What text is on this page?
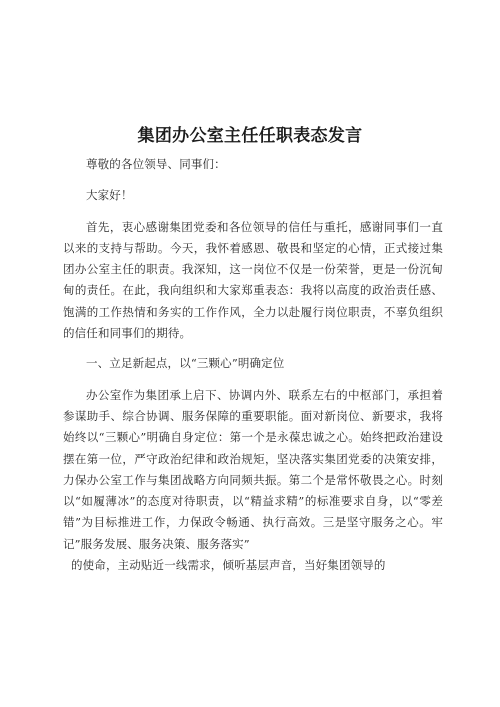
集团办公室主任任职表态发言

尊敬的各位领导、同事们：

大家好！

首先，衷心感谢集团党委和各位领导的信任与重托，感谢同事们一直以来的支持与帮助。今天，我怀着感恩、敬畏和坚定的心情，正式接过集团办公室主任的职责。我深知，这一岗位不仅是一份荣誉，更是一份沉甸甸的责任。在此，我向组织和大家郑重表态：我将以高度的政治责任感、饱满的工作热情和务实的工作作风，全力以赴履行岗位职责，不辜负组织的信任和同事们的期待。

一、立足新起点，以“三颗心”明确定位

办公室作为集团承上启下、协调内外、联系左右的中枢部门，承担着参谋助手、综合协调、服务保障的重要职能。面对新岗位、新要求，我将始终以“三颗心”明确自身定位：第一个是永葆忠诚之心。始终把政治建设摆在第一位，严守政治纪律和政治规矩，坚决落实集团党委的决策安排，力保办公室工作与集团战略方向同频共振。第二个是常怀敬畏之心。时刻以“如履薄冰”的态度对待职责，以“精益求精”的标准要求自身，以“零差错”为目标推进工作，力保政令畅通、执行高效。三是坚守服务之心。牢记”服务发展、服务决策、服务落实”

的使命，主动贴近一线需求，倾听基层声音，当好集团领导的
